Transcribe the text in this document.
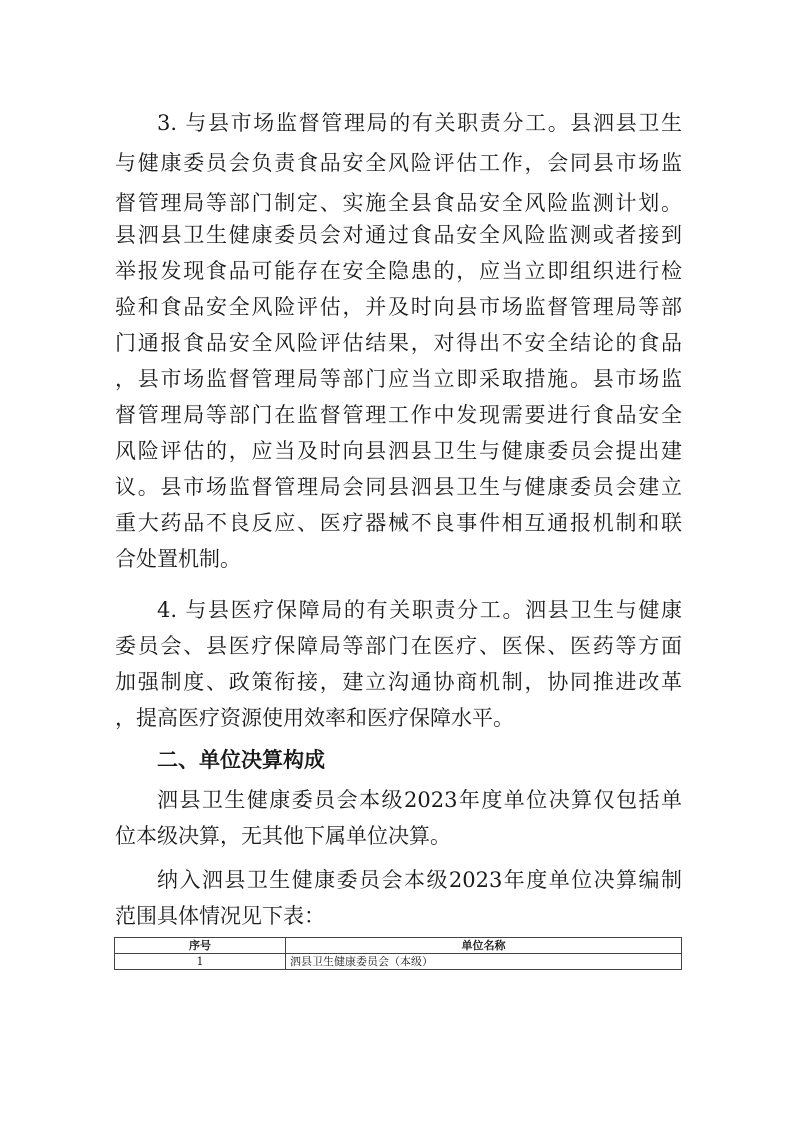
3. 与县市场监督管理局的有关职责分工。县泗县卫生
与健康委员会负责食品安全风险评估工作，会同县市场监
督管理局等部门制定、实施全县食品安全风险监测计划。
县泗县卫生健康委员会对通过食品安全风险监测或者接到
举报发现食品可能存在安全隐患的，应当立即组织进行检
验和食品安全风险评估，并及时向县市场监督管理局等部
门通报食品安全风险评估结果，对得出不安全结论的食品
，县市场监督管理局等部门应当立即采取措施。县市场监
督管理局等部门在监督管理工作中发现需要进行食品安全
风险评估的，应当及时向县泗县卫生与健康委员会提出建
议。县市场监督管理局会同县泗县卫生与健康委员会建立
重大药品不良反应、医疗器械不良事件相互通报机制和联
合处置机制。
4. 与县医疗保障局的有关职责分工。泗县卫生与健康
委员会、县医疗保障局等部门在医疗、医保、医药等方面
加强制度、政策衔接，建立沟通协商机制，协同推进改革
，提高医疗资源使用效率和医疗保障水平。
二、单位决算构成
泗县卫生健康委员会本级2023年度单位决算仅包括单
位本级决算，无其他下属单位决算。
纳入泗县卫生健康委员会本级2023年度单位决算编制
范围具体情况见下表：
序号	单位名称
1	泗县卫生健康委员会（本级）
